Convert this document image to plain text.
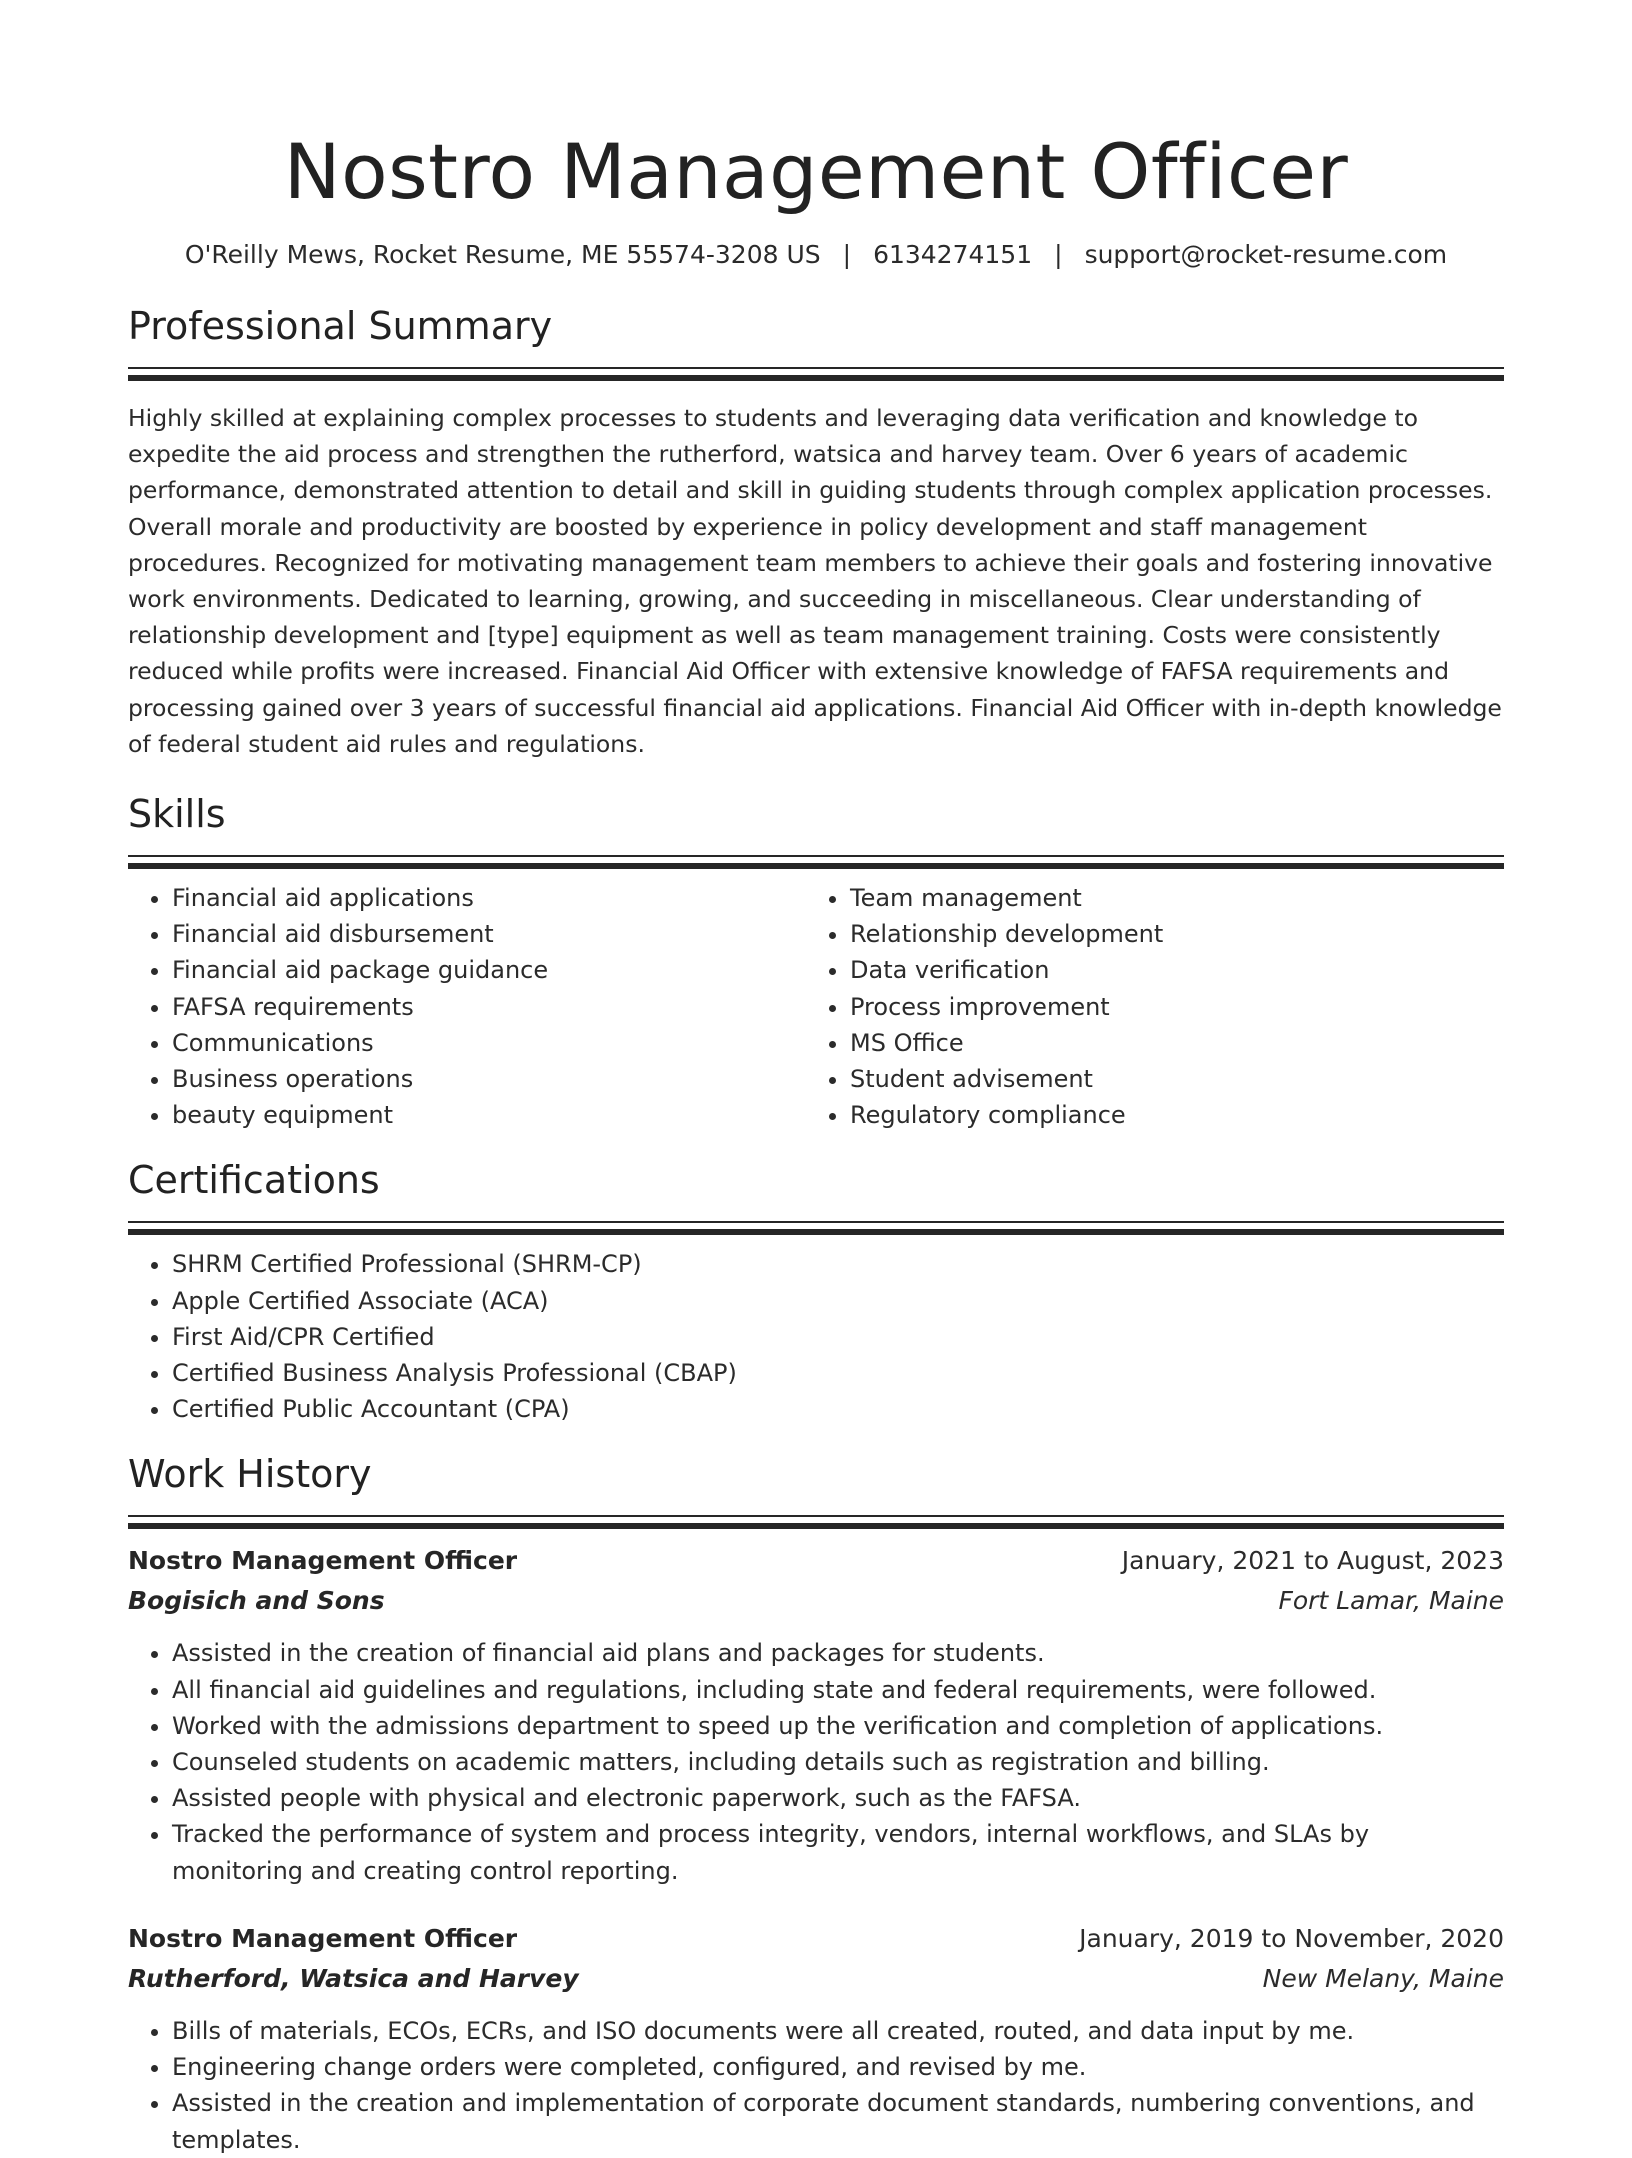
Nostro Management Officer
O'Reilly Mews, Rocket Resume, ME 55574-3208 US | 6134274151 | support@rocket-resume.com
Professional Summary
Highly skilled at explaining complex processes to students and leveraging data verification and knowledge to expedite the aid process and strengthen the rutherford, watsica and harvey team. Over 6 years of academic performance, demonstrated attention to detail and skill in guiding students through complex application processes. Overall morale and productivity are boosted by experience in policy development and staff management procedures. Recognized for motivating management team members to achieve their goals and fostering innovative work environments. Dedicated to learning, growing, and succeeding in miscellaneous. Clear understanding of relationship development and [type] equipment as well as team management training. Costs were consistently reduced while profits were increased. Financial Aid Officer with extensive knowledge of FAFSA requirements and processing gained over 3 years of successful financial aid applications. Financial Aid Officer with in-depth knowledge of federal student aid rules and regulations.
Skills
• Financial aid applications
• Financial aid disbursement
• Financial aid package guidance
• FAFSA requirements
• Communications
• Business operations
• beauty equipment
• Team management
• Relationship development
• Data verification
• Process improvement
• MS Office
• Student advisement
• Regulatory compliance
Certifications
• SHRM Certified Professional (SHRM-CP)
• Apple Certified Associate (ACA)
• First Aid/CPR Certified
• Certified Business Analysis Professional (CBAP)
• Certified Public Accountant (CPA)
Work History
Nostro Management Officer	January, 2021 to August, 2023
Bogisich and Sons	Fort Lamar, Maine
• Assisted in the creation of financial aid plans and packages for students.
• All financial aid guidelines and regulations, including state and federal requirements, were followed.
• Worked with the admissions department to speed up the verification and completion of applications.
• Counseled students on academic matters, including details such as registration and billing.
• Assisted people with physical and electronic paperwork, such as the FAFSA.
• Tracked the performance of system and process integrity, vendors, internal workflows, and SLAs by monitoring and creating control reporting.
Nostro Management Officer	January, 2019 to November, 2020
Rutherford, Watsica and Harvey	New Melany, Maine
• Bills of materials, ECOs, ECRs, and ISO documents were all created, routed, and data input by me.
• Engineering change orders were completed, configured, and revised by me.
• Assisted in the creation and implementation of corporate document standards, numbering conventions, and templates.
